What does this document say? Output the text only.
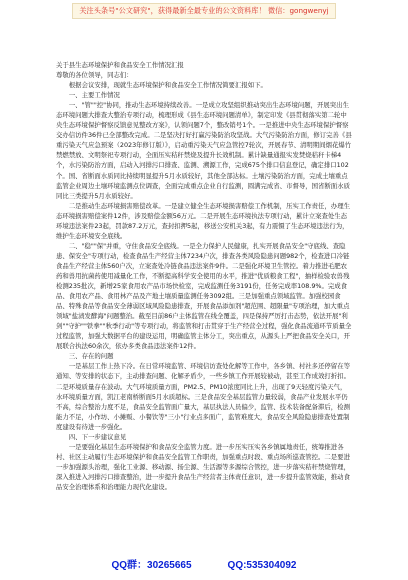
关注头条号"公文研究"，获得最新全最专业的公文资料库！ 微信：gongwenyj

关于县生态环境保护和食品安全工作情况汇报

尊敬的各位领导，同志们：

根据会议安排，现就生态环境保护和食品安全工作情况简要汇报如下。

一、主要工作情况

一、"管""控"协同，推动生态环境持续改善。一是成立攻坚组织推动突出生态环境问题，开展突出生态环境问题大排查大整治专项行动，梳理形成《县生态环境问题清单》，制定印发《县贯彻落实第二轮中央生态环境保护督察反馈意见整改方案》，认领问题7个，整改销号1个。一是推进中央生态环境保护督察交办信访件36件已全部整改完成。二是坚决打好打赢污染防治攻坚战。大气污染防治方面，修订完善《县重污染天气应急预案（2023年修订版）》，启动重污染天气应急管控7轮次，开展春节、清明期间烟花爆竹禁燃禁放、文明祭祀专项行动，全面压实秸秆禁烧及提升长效机制。累计缺量通报实发焚烧秸秆卡梯4个，水污染防治方面，启动入河排污口排查、监测、溯源工作，完成675个排口信息登记，确定排口102个。国、省断面水质同比持续明显提升5月水质较好，其他全部达标。土壤污染防治方面，完成土壤重点监管企业周边土壤环境监测点位调查，全面完成重点企业自行监测，圆满完成省、市督导，国省断面水质同比三类提升5月水质较好。

二是推动生态环境损害赔偿改革。一是建立健全生态环境损害赔偿工作机制，压实工作责任，办理生态环境损害赔偿案件12件，涉及赔偿金额56万元。二是开展生态环境执法专项行动，累计立案查处生态环境违法案件23起，罚款87.2万元，查封扣押5起，移送公安机关3起，有力震慑了生态环境违法行为，维护生态环境安全底线。

二、"稳""保"并重，守住食品安全底线。一是全力保护人民健康，扎实开展食品安全"守底线、查隐患、保安全"专项行动，检查食品生产经营主体7234户次，排查各类风险隐患问题982个，检查进口冷链食品生产经营主体560户次，立案查处冷链食品违法案件9件。二是强化环境卫生管控。着力推进毛肥农药和兽用抗菌药使用减量化工作，不断提高科学安全使用的水平，推进"优质粮食工程"，抽样检验农兽残检测235批次，新增25家食用农产品市场快检室，完成监测任务3191份，任务完成率108.9%。完成食品、食用农产品、食用林产品及产地土壤质量监测任务3092组。三是加强重点领域监管。加强校园食品、特殊食品等食品安全薄弱区域风险隐患排查，开展食品添加剂"超范围、超限量"专项治理，加大重点领域"盐渍发酵海"问题整治。截至目前86户主体监管在线全覆盖，四是保持严厉打击态势，依法开展"利剑""守护""铁拳""秋季行动"等专项行动，将监管和打击贯穿于生产经营全过程，强化食品流通环节质量全过程监管，加强大数据平台的建设运用，明确监管主体分工，突出重点，从源头上严把食品安全关口，开展联合执法60余次，依办多类食品违法案件12件。

三、存在的问题

一是基层工作上热下冷。在日常环境监管、环境信访查处化解等工作中，各乡镇、村社多还停留在等通知、等安排的状态下，主动排查问题、化解矛盾少，一些乡镇工作开展较被动，甚至工作成效打折扣。二是环境质量存在波动。大气环境质量方面，PM2.5、PM10浓度同比上升，出现了9天轻度污染天气，水环境质量方面，凯江老南桥断面5月水质超标。三是食品安全基层监管力量较弱，食品产业发展水平仍不高，综合整治力度不足，食品安全监管面广量大，基层执法人员偏少，监管、技术装备配备滞后，检测能力不足，小作坊、小摊贩、小餐饮等"三小"行业点多面广，监管难度大，食品安全风险隐患排查处置制度建设有待进一步强化。

四、下一步建议意见

一是要强化基层生态环境保护和食品安全监管力度。进一步压实压实各乡镇属地责任，统筹推进各村、社区主动履行生态环境保护和食品安全监管工作职责，加强重点时段、重点场所巡查管控。二是要进一步加强源头治理，强化工业源、移动源、扬尘源、生活源等多源综合管控，进一步落实秸秆禁烧管理，深入推进入河排污口排查整治，进一步提升食品生产经营者主体责任意识，进一步提升监管效能，推动食品安全治理体系和治理能力现代化建设。

QQ群：30265665	QQ:535304092
